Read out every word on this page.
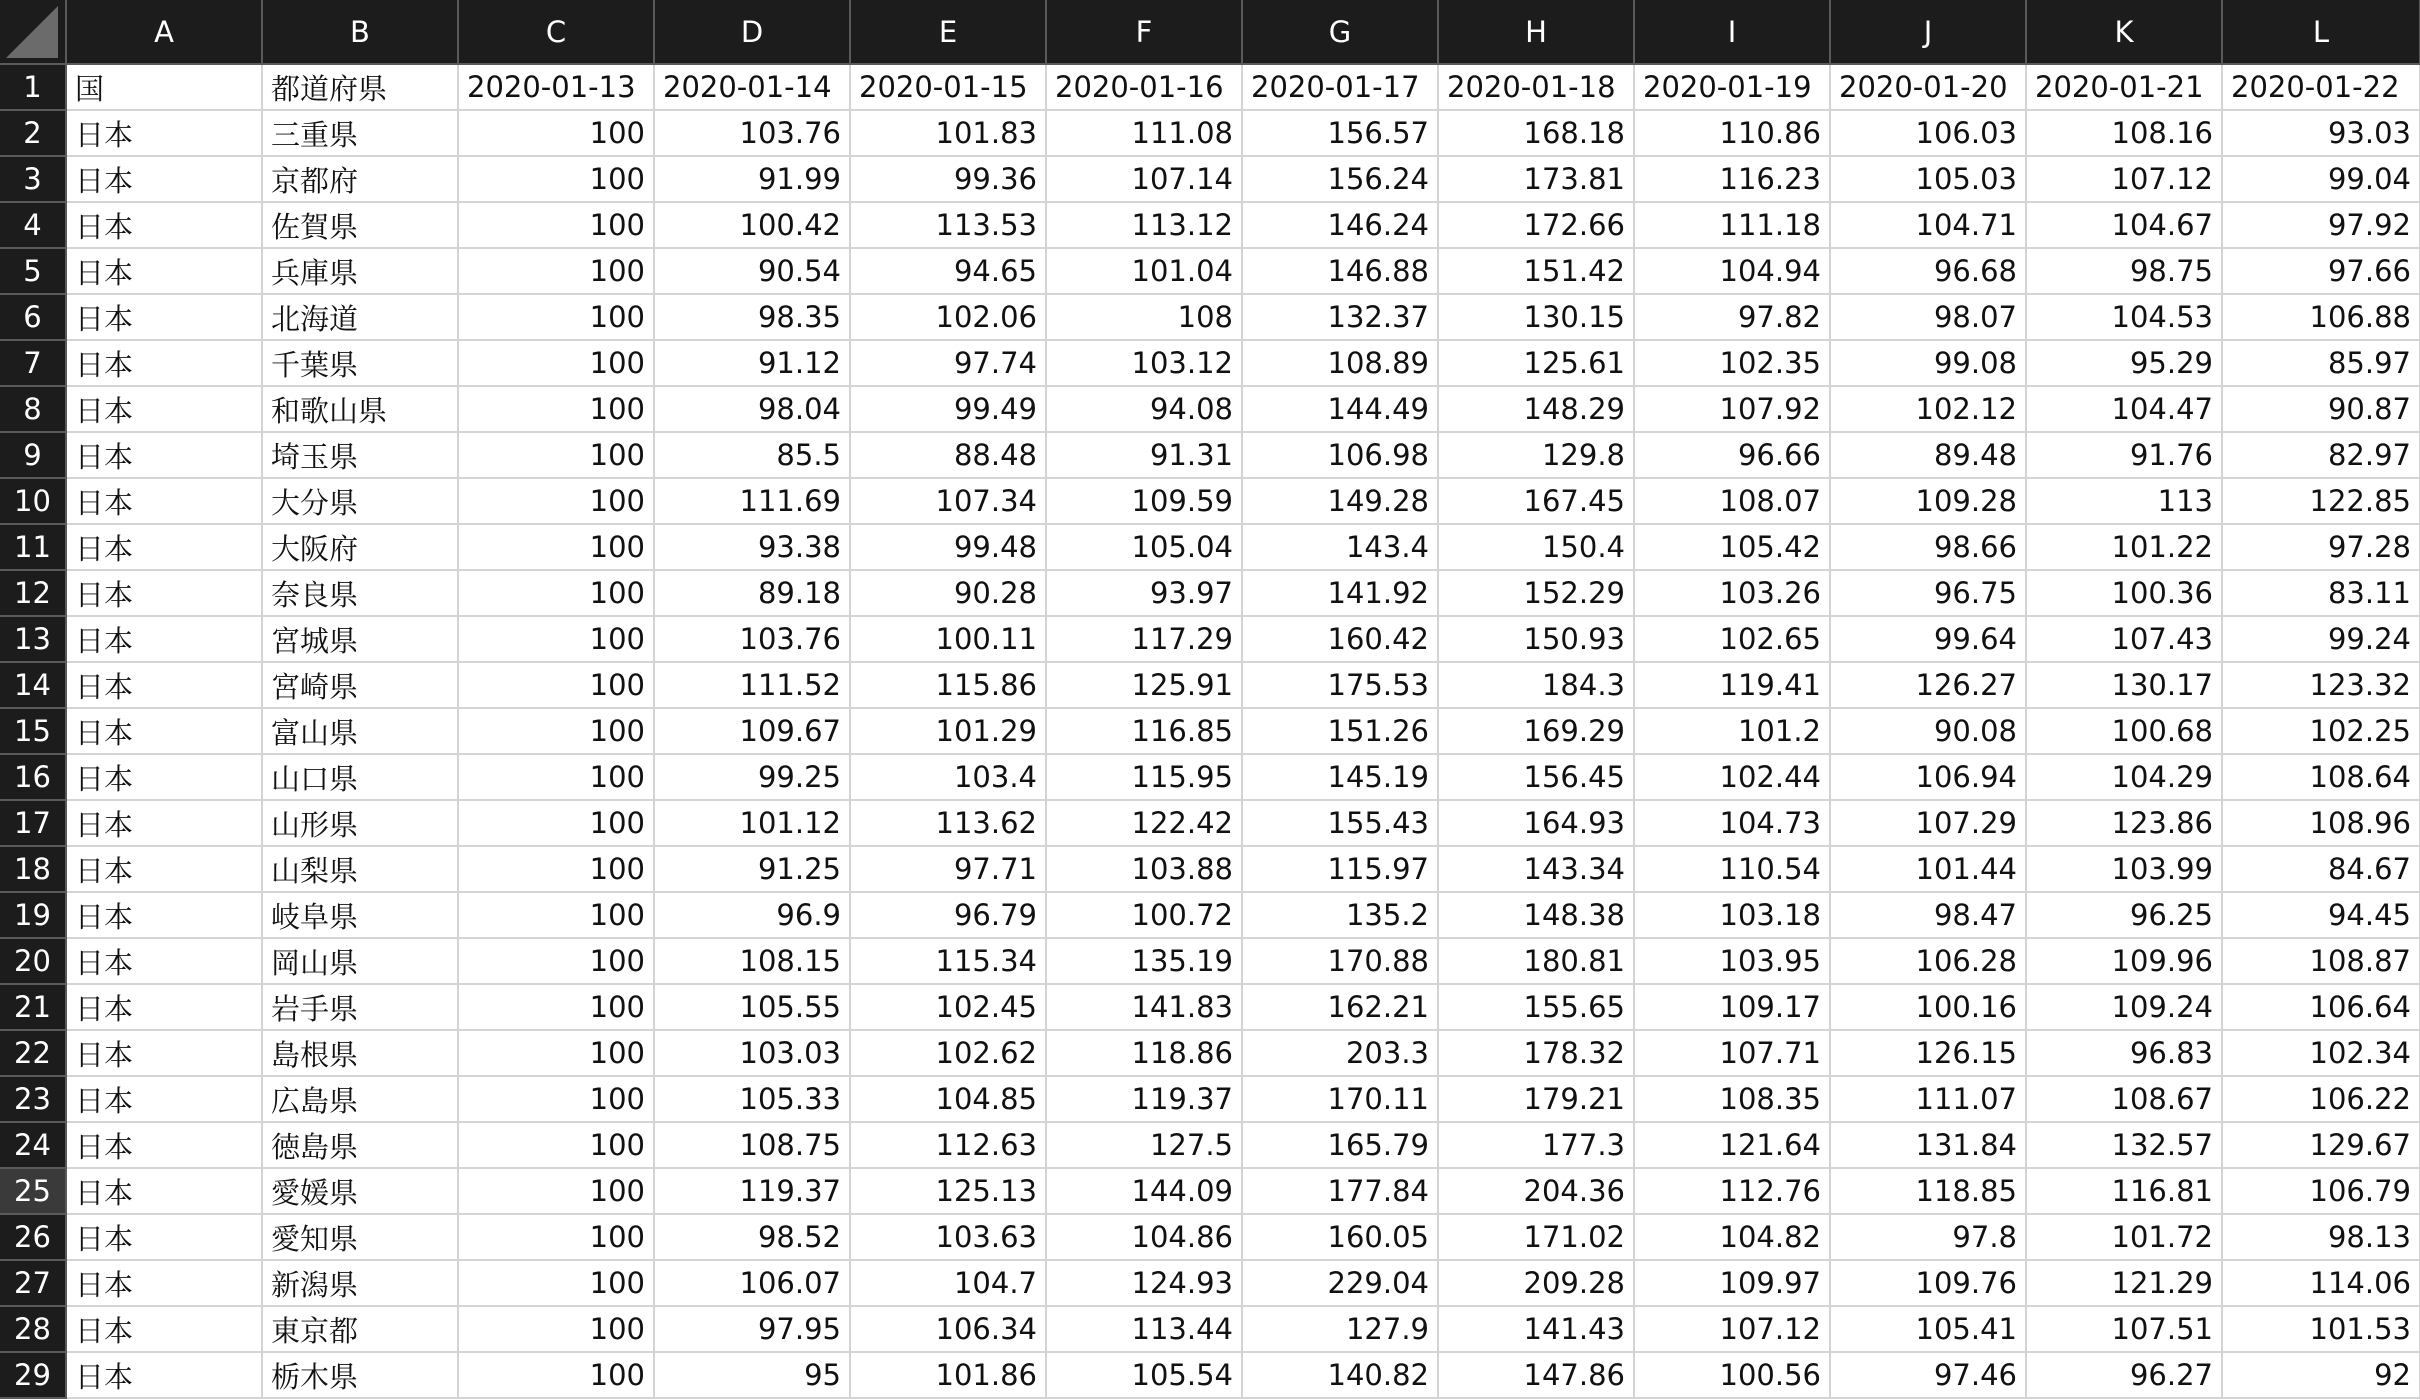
	A	B	C	D	E	F	G	H	I	J	K	L
1	国	都道府県	2020-01-13	2020-01-14	2020-01-15	2020-01-16	2020-01-17	2020-01-18	2020-01-19	2020-01-20	2020-01-21	2020-01-22
2	日本	三重県	100	103.76	101.83	111.08	156.57	168.18	110.86	106.03	108.16	93.03
3	日本	京都府	100	91.99	99.36	107.14	156.24	173.81	116.23	105.03	107.12	99.04
4	日本	佐賀県	100	100.42	113.53	113.12	146.24	172.66	111.18	104.71	104.67	97.92
5	日本	兵庫県	100	90.54	94.65	101.04	146.88	151.42	104.94	96.68	98.75	97.66
6	日本	北海道	100	98.35	102.06	108	132.37	130.15	97.82	98.07	104.53	106.88
7	日本	千葉県	100	91.12	97.74	103.12	108.89	125.61	102.35	99.08	95.29	85.97
8	日本	和歌山県	100	98.04	99.49	94.08	144.49	148.29	107.92	102.12	104.47	90.87
9	日本	埼玉県	100	85.5	88.48	91.31	106.98	129.8	96.66	89.48	91.76	82.97
10	日本	大分県	100	111.69	107.34	109.59	149.28	167.45	108.07	109.28	113	122.85
11	日本	大阪府	100	93.38	99.48	105.04	143.4	150.4	105.42	98.66	101.22	97.28
12	日本	奈良県	100	89.18	90.28	93.97	141.92	152.29	103.26	96.75	100.36	83.11
13	日本	宮城県	100	103.76	100.11	117.29	160.42	150.93	102.65	99.64	107.43	99.24
14	日本	宮崎県	100	111.52	115.86	125.91	175.53	184.3	119.41	126.27	130.17	123.32
15	日本	富山県	100	109.67	101.29	116.85	151.26	169.29	101.2	90.08	100.68	102.25
16	日本	山口県	100	99.25	103.4	115.95	145.19	156.45	102.44	106.94	104.29	108.64
17	日本	山形県	100	101.12	113.62	122.42	155.43	164.93	104.73	107.29	123.86	108.96
18	日本	山梨県	100	91.25	97.71	103.88	115.97	143.34	110.54	101.44	103.99	84.67
19	日本	岐阜県	100	96.9	96.79	100.72	135.2	148.38	103.18	98.47	96.25	94.45
20	日本	岡山県	100	108.15	115.34	135.19	170.88	180.81	103.95	106.28	109.96	108.87
21	日本	岩手県	100	105.55	102.45	141.83	162.21	155.65	109.17	100.16	109.24	106.64
22	日本	島根県	100	103.03	102.62	118.86	203.3	178.32	107.71	126.15	96.83	102.34
23	日本	広島県	100	105.33	104.85	119.37	170.11	179.21	108.35	111.07	108.67	106.22
24	日本	徳島県	100	108.75	112.63	127.5	165.79	177.3	121.64	131.84	132.57	129.67
25	日本	愛媛県	100	119.37	125.13	144.09	177.84	204.36	112.76	118.85	116.81	106.79
26	日本	愛知県	100	98.52	103.63	104.86	160.05	171.02	104.82	97.8	101.72	98.13
27	日本	新潟県	100	106.07	104.7	124.93	229.04	209.28	109.97	109.76	121.29	114.06
28	日本	東京都	100	97.95	106.34	113.44	127.9	141.43	107.12	105.41	107.51	101.53
29	日本	栃木県	100	95	101.86	105.54	140.82	147.86	100.56	97.46	96.27	92
